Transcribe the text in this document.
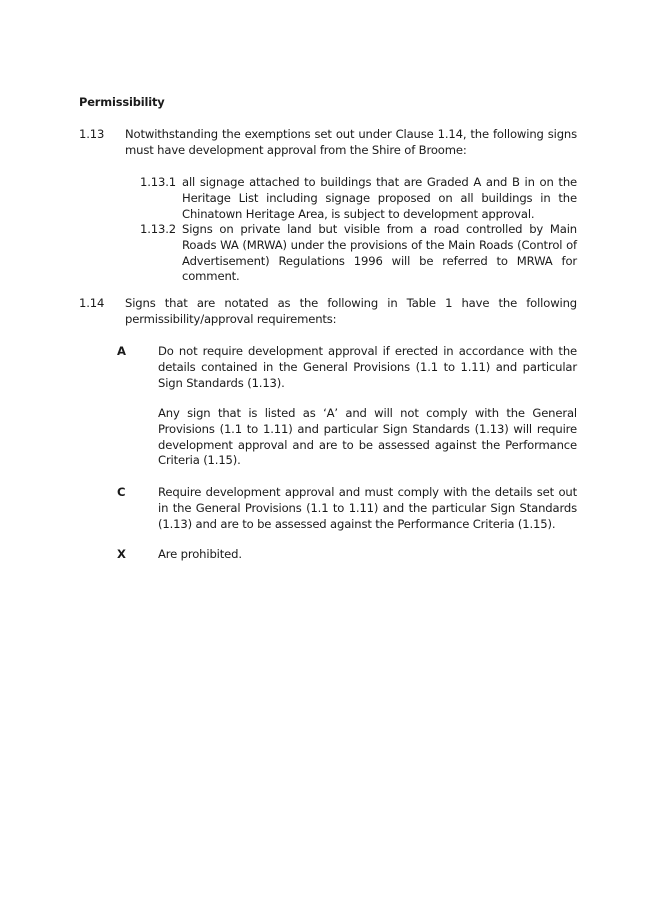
Permissibility
1.13 Notwithstanding the exemptions set out under Clause 1.14, the following signs must have development approval from the Shire of Broome:
1.13.1 all signage attached to buildings that are Graded A and B in on the Heritage List including signage proposed on all buildings in the Chinatown Heritage Area, is subject to development approval.
1.13.2 Signs on private land but visible from a road controlled by Main Roads WA (MRWA) under the provisions of the Main Roads (Control of Advertisement) Regulations 1996 will be referred to MRWA for comment.
1.14 Signs that are notated as the following in Table 1 have the following permissibility/approval requirements:
A	Do not require development approval if erected in accordance with the details contained in the General Provisions (1.1 to 1.11) and particular Sign Standards (1.13).
Any sign that is listed as ‘A’ and will not comply with the General Provisions (1.1 to 1.11) and particular Sign Standards (1.13) will require development approval and are to be assessed against the Performance Criteria (1.15).
C	Require development approval and must comply with the details set out in the General Provisions (1.1 to 1.11) and the particular Sign Standards (1.13) and are to be assessed against the Performance Criteria (1.15).
X	Are prohibited.
